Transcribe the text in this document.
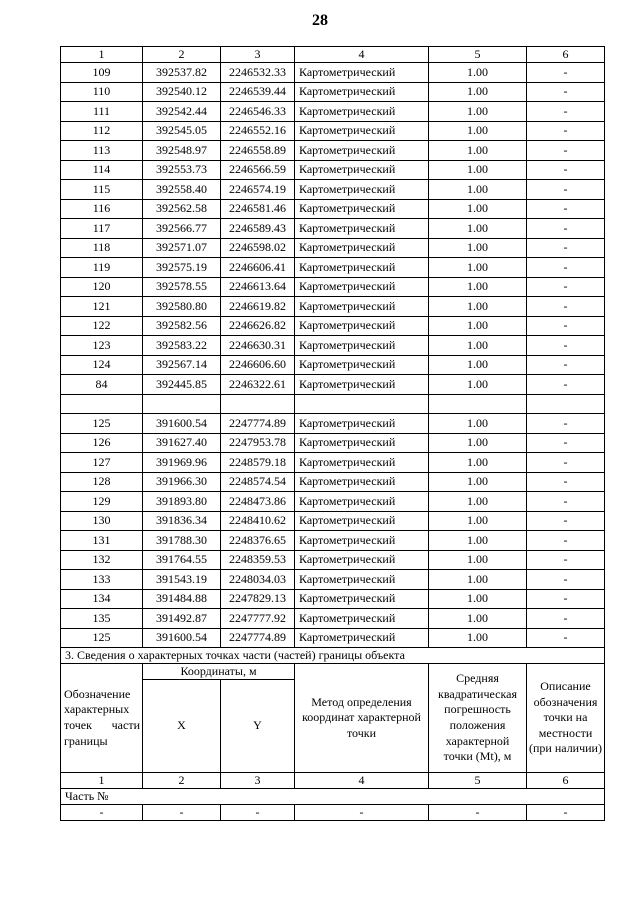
28
1	2	3	4	5	6
109	392537.82	2246532.33	Картометрический	1.00	-
110	392540.12	2246539.44	Картометрический	1.00	-
111	392542.44	2246546.33	Картометрический	1.00	-
112	392545.05	2246552.16	Картометрический	1.00	-
113	392548.97	2246558.89	Картометрический	1.00	-
114	392553.73	2246566.59	Картометрический	1.00	-
115	392558.40	2246574.19	Картометрический	1.00	-
116	392562.58	2246581.46	Картометрический	1.00	-
117	392566.77	2246589.43	Картометрический	1.00	-
118	392571.07	2246598.02	Картометрический	1.00	-
119	392575.19	2246606.41	Картометрический	1.00	-
120	392578.55	2246613.64	Картометрический	1.00	-
121	392580.80	2246619.82	Картометрический	1.00	-
122	392582.56	2246626.82	Картометрический	1.00	-
123	392583.22	2246630.31	Картометрический	1.00	-
124	392567.14	2246606.60	Картометрический	1.00	-
84	392445.85	2246322.61	Картометрический	1.00	-

125	391600.54	2247774.89	Картометрический	1.00	-
126	391627.40	2247953.78	Картометрический	1.00	-
127	391969.96	2248579.18	Картометрический	1.00	-
128	391966.30	2248574.54	Картометрический	1.00	-
129	391893.80	2248473.86	Картометрический	1.00	-
130	391836.34	2248410.62	Картометрический	1.00	-
131	391788.30	2248376.65	Картометрический	1.00	-
132	391764.55	2248359.53	Картометрический	1.00	-
133	391543.19	2248034.03	Картометрический	1.00	-
134	391484.88	2247829.13	Картометрический	1.00	-
135	391492.87	2247777.92	Картометрический	1.00	-
125	391600.54	2247774.89	Картометрический	1.00	-
3. Сведения о характерных точках части (частей) границы объекта					
Обозначение характерных точек части границы	Координаты, м		Метод определения координат характерной точки	Средняя квадратическая погрешность положения характерной точки (Mt), м	Описание обозначения точки на местности (при наличии)
	X	Y			
1	2	3	4	5	6
Часть №					
-	-	-	-	-	-
